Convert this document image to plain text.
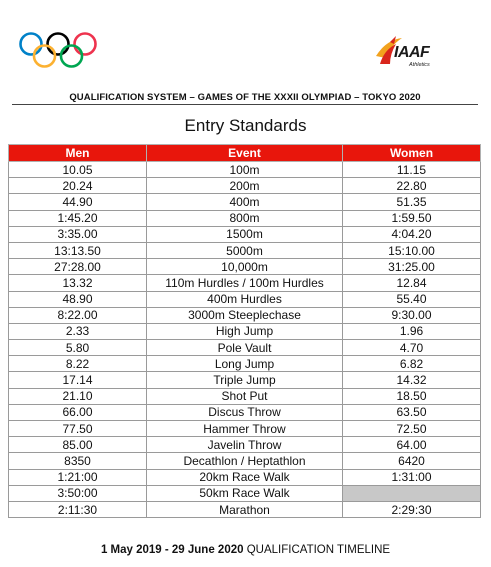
IAAF
Athletics
QUALIFICATION SYSTEM – GAMES OF THE XXXII OLYMPIAD – TOKYO 2020
Entry Standards
Men	Event	Women
10.05	100m	11.15
20.24	200m	22.80
44.90	400m	51.35
1:45.20	800m	1:59.50
3:35.00	1500m	4:04.20
13:13.50	5000m	15:10.00
27:28.00	10,000m	31:25.00
13.32	110m Hurdles / 100m Hurdles	12.84
48.90	400m Hurdles	55.40
8:22.00	3000m Steeplechase	9:30.00
2.33	High Jump	1.96
5.80	Pole Vault	4.70
8.22	Long Jump	6.82
17.14	Triple Jump	14.32
21.10	Shot Put	18.50
66.00	Discus Throw	63.50
77.50	Hammer Throw	72.50
85.00	Javelin Throw	64.00
8350	Decathlon / Heptathlon	6420
1:21:00	20km Race Walk	1:31:00
3:50:00	50km Race Walk	
2:11:30	Marathon	2:29:30
1 May 2019 - 29 June 2020 QUALIFICATION TIMELINE
